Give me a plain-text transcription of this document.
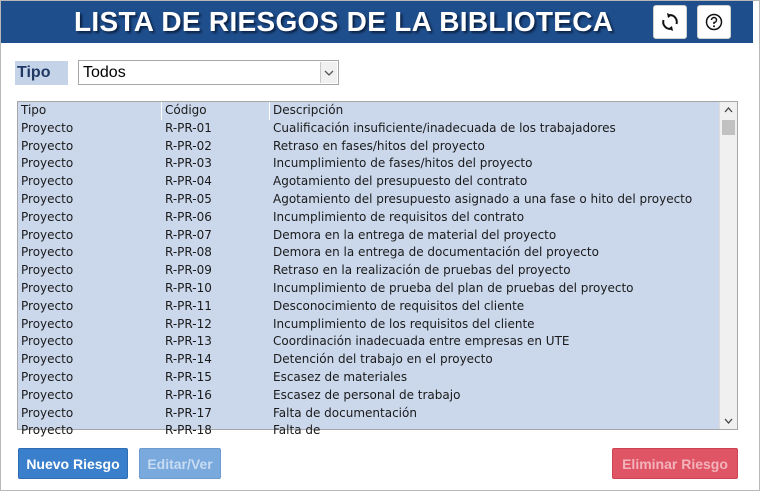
LISTA DE RIESGOS DE LA BIBLIOTECA
Tipo	Todos
Tipo	Código	Descripción
Proyecto	R-PR-01	Cualificación insuficiente/inadecuada de los trabajadores
Proyecto	R-PR-02	Retraso en fases/hitos del proyecto
Proyecto	R-PR-03	Incumplimiento de fases/hitos del proyecto
Proyecto	R-PR-04	Agotamiento del presupuesto del contrato
Proyecto	R-PR-05	Agotamiento del presupuesto asignado a una fase o hito del proyecto
Proyecto	R-PR-06	Incumplimiento de requisitos del contrato
Proyecto	R-PR-07	Demora en la entrega de material del proyecto
Proyecto	R-PR-08	Demora en la entrega de documentación del proyecto
Proyecto	R-PR-09	Retraso en la realización de pruebas del proyecto
Proyecto	R-PR-10	Incumplimiento de prueba del plan de pruebas del proyecto
Proyecto	R-PR-11	Desconocimiento de requisitos del cliente
Proyecto	R-PR-12	Incumplimiento de los requisitos del cliente
Proyecto	R-PR-13	Coordinación inadecuada entre empresas en UTE
Proyecto	R-PR-14	Detención del trabajo en el proyecto
Proyecto	R-PR-15	Escasez de materiales
Proyecto	R-PR-16	Escasez de personal de trabajo
Proyecto	R-PR-17	Falta de documentación
Proyecto	R-PR-18	Falta de
Nuevo Riesgo	Editar/Ver	Eliminar Riesgo
